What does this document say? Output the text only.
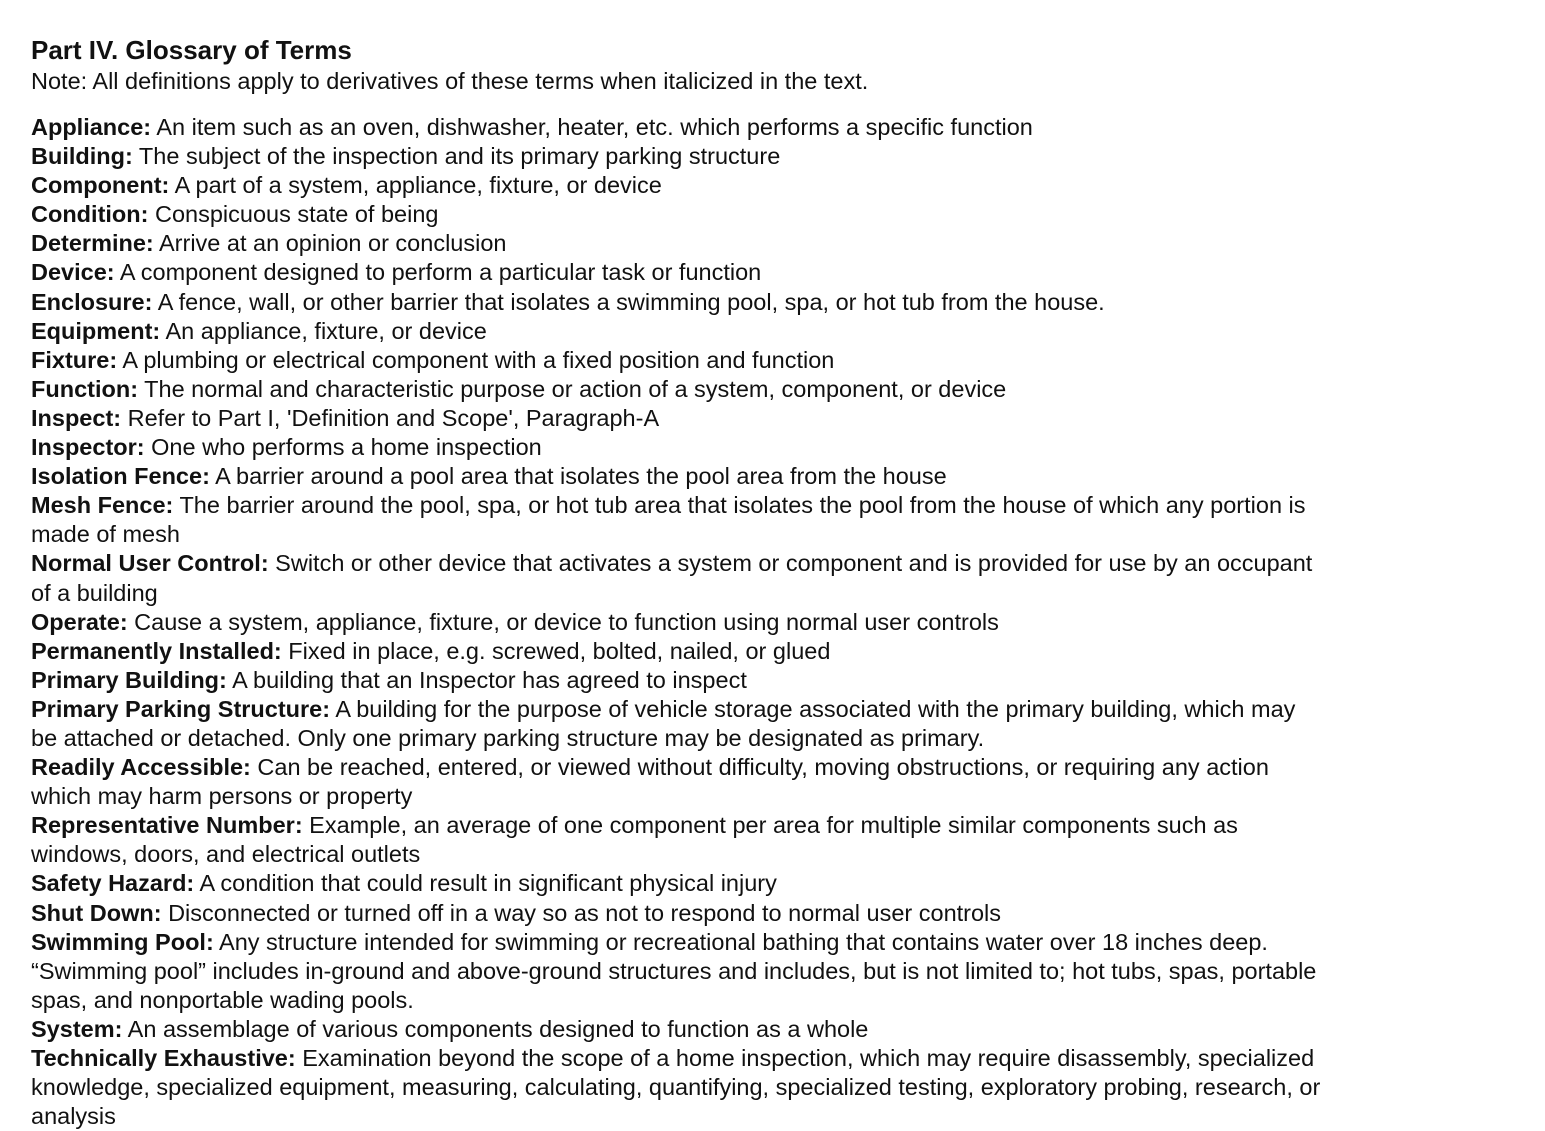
Part IV. Glossary of Terms

Note: All definitions apply to derivatives of these terms when italicized in the text.

Appliance: An item such as an oven, dishwasher, heater, etc. which performs a specific function
Building: The subject of the inspection and its primary parking structure
Component: A part of a system, appliance, fixture, or device
Condition: Conspicuous state of being
Determine: Arrive at an opinion or conclusion
Device: A component designed to perform a particular task or function
Enclosure: A fence, wall, or other barrier that isolates a swimming pool, spa, or hot tub from the house.
Equipment: An appliance, fixture, or device
Fixture: A plumbing or electrical component with a fixed position and function
Function: The normal and characteristic purpose or action of a system, component, or device
Inspect: Refer to Part I, 'Definition and Scope', Paragraph-A
Inspector: One who performs a home inspection
Isolation Fence: A barrier around a pool area that isolates the pool area from the house
Mesh Fence: The barrier around the pool, spa, or hot tub area that isolates the pool from the house of which any portion is made of mesh
Normal User Control: Switch or other device that activates a system or component and is provided for use by an occupant of a building
Operate: Cause a system, appliance, fixture, or device to function using normal user controls
Permanently Installed: Fixed in place, e.g. screwed, bolted, nailed, or glued
Primary Building: A building that an Inspector has agreed to inspect
Primary Parking Structure: A building for the purpose of vehicle storage associated with the primary building, which may be attached or detached. Only one primary parking structure may be designated as primary.
Readily Accessible: Can be reached, entered, or viewed without difficulty, moving obstructions, or requiring any action which may harm persons or property
Representative Number: Example, an average of one component per area for multiple similar components such as windows, doors, and electrical outlets
Safety Hazard: A condition that could result in significant physical injury
Shut Down: Disconnected or turned off in a way so as not to respond to normal user controls
Swimming Pool: Any structure intended for swimming or recreational bathing that contains water over 18 inches deep. “Swimming pool” includes in-ground and above-ground structures and includes, but is not limited to; hot tubs, spas, portable spas, and nonportable wading pools.
System: An assemblage of various components designed to function as a whole
Technically Exhaustive: Examination beyond the scope of a home inspection, which may require disassembly, specialized knowledge, specialized equipment, measuring, calculating, quantifying, specialized testing, exploratory probing, research, or analysis
